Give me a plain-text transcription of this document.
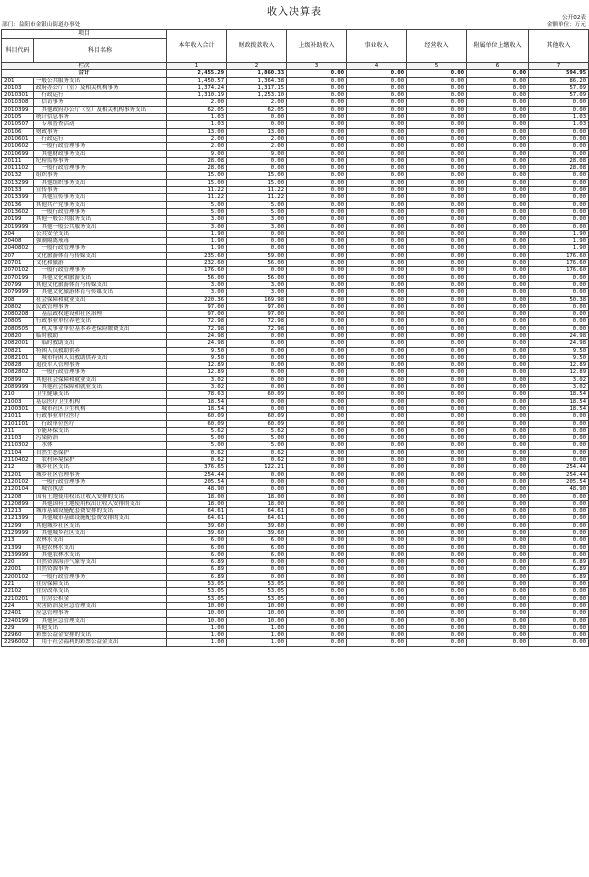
收入决算表	公开02表
部门：益阳市金银山街道办事处	金额单位：万元
项目		本年收入合计	财政拨款收入	上级补助收入	事业收入	经营收入	附属单位上缴收入	其他收入
科目代码	科目名称							
栏次		1	2	3	4	5	6	7
合计		2,455.29	1,860.33	0.00	0.00	0.00	0.00	594.95
201	一般公共服务支出	1,450.57	1,364.38	0.00	0.00	0.00	0.00	86.20
20103	政府办公厅（室）及相关机构事务	1,374.24	1,317.15	0.00	0.00	0.00	0.00	57.09
2010301	　行政运行	1,310.19	1,253.10	0.00	0.00	0.00	0.00	57.09
2010308	　信访事务	2.00	2.00	0.00	0.00	0.00	0.00	0.00
2010399	　其他政府办公厅（室）及相关机构事务支出	62.05	62.05	0.00	0.00	0.00	0.00	0.00
20105	统计信息事务	1.03	0.00	0.00	0.00	0.00	0.00	1.03
2010507	　专项普查活动	1.03	0.00	0.00	0.00	0.00	0.00	1.03
20106	财政事务	13.00	13.00	0.00	0.00	0.00	0.00	0.00
2010601	　行政运行	2.00	2.00	0.00	0.00	0.00	0.00	0.00
2010602	　一般行政管理事务	2.00	2.00	0.00	0.00	0.00	0.00	0.00
2010699	　其他财政事务支出	9.00	9.00	0.00	0.00	0.00	0.00	0.00
20111	纪检监察事务	28.08	0.00	0.00	0.00	0.00	0.00	28.08
2011102	　一般行政管理事务	28.08	0.00	0.00	0.00	0.00	0.00	28.08
20132	组织事务	15.00	15.00	0.00	0.00	0.00	0.00	0.00
2013299	　其他组织事务支出	15.00	15.00	0.00	0.00	0.00	0.00	0.00
20133	宣传事务	11.22	11.22	0.00	0.00	0.00	0.00	0.00
2013399	　其他宣传事务支出	11.22	11.22	0.00	0.00	0.00	0.00	0.00
20136	其他共产党事务支出	5.00	5.00	0.00	0.00	0.00	0.00	0.00
2013602	　一般行政管理事务	5.00	5.00	0.00	0.00	0.00	0.00	0.00
20199	其他一般公共服务支出	3.00	3.00	0.00	0.00	0.00	0.00	0.00
2019999	　其他一般公共服务支出	3.00	3.00	0.00	0.00	0.00	0.00	0.00
204	公共安全支出	1.90	0.00	0.00	0.00	0.00	0.00	1.90
20408	强制隔离戒毒	1.90	0.00	0.00	0.00	0.00	0.00	1.90
2040802	　一般行政管理事务	1.90	0.00	0.00	0.00	0.00	0.00	1.90
207	文化旅游体育与传媒支出	235.60	59.00	0.00	0.00	0.00	0.00	176.60
20701	文化和旅游	232.60	56.00	0.00	0.00	0.00	0.00	176.60
2070102	　一般行政管理事务	176.60	0.00	0.00	0.00	0.00	0.00	176.60
2070199	　其他文化和旅游支出	56.00	56.00	0.00	0.00	0.00	0.00	0.00
20799	其他文化旅游体育与传媒支出	3.00	3.00	0.00	0.00	0.00	0.00	0.00
2079999	　其他文化旅游体育与传媒支出	3.00	3.00	0.00	0.00	0.00	0.00	0.00
208	社会保障和就业支出	220.36	169.98	0.00	0.00	0.00	0.00	50.38
20802	民政管理事务	97.00	97.00	0.00	0.00	0.00	0.00	0.00
2080208	　基层政权建设和社区治理	97.00	97.00	0.00	0.00	0.00	0.00	0.00
20805	行政事业单位养老支出	72.98	72.98	0.00	0.00	0.00	0.00	0.00
2080505	　机关事业单位基本养老保险缴费支出	72.98	72.98	0.00	0.00	0.00	0.00	0.00
20820	临时救助	24.98	0.00	0.00	0.00	0.00	0.00	24.98
2082001	　临时救助支出	24.98	0.00	0.00	0.00	0.00	0.00	24.98
20821	特困人员救助供养	9.50	0.00	0.00	0.00	0.00	0.00	9.50
2082101	　城市特困人员救助供养支出	9.50	0.00	0.00	0.00	0.00	0.00	9.50
20828	退役军人管理事务	12.89	0.00	0.00	0.00	0.00	0.00	12.89
2082802	　一般行政管理事务	12.89	0.00	0.00	0.00	0.00	0.00	12.89
20899	其他社会保障和就业支出	3.02	0.00	0.00	0.00	0.00	0.00	3.02
2089999	　其他社会保障和就业支出	3.02	0.00	0.00	0.00	0.00	0.00	3.02
210	卫生健康支出	78.63	60.09	0.00	0.00	0.00	0.00	18.54
21003	基层医疗卫生机构	18.54	0.00	0.00	0.00	0.00	0.00	18.54
2100301	　城市社区卫生机构	18.54	0.00	0.00	0.00	0.00	0.00	18.54
21011	行政事业单位医疗	60.09	60.09	0.00	0.00	0.00	0.00	0.00
2101101	　行政单位医疗	60.09	60.09	0.00	0.00	0.00	0.00	0.00
211	节能环保支出	5.62	5.62	0.00	0.00	0.00	0.00	0.00
21103	污染防治	5.00	5.00	0.00	0.00	0.00	0.00	0.00
2110302	　水体	5.00	5.00	0.00	0.00	0.00	0.00	0.00
21104	自然生态保护	0.62	0.62	0.00	0.00	0.00	0.00	0.00
2110402	　农村环境保护	0.62	0.62	0.00	0.00	0.00	0.00	0.00
212	城乡社区支出	376.65	122.21	0.00	0.00	0.00	0.00	254.44
21201	城乡社区管理事务	254.44	0.00	0.00	0.00	0.00	0.00	254.44
2120102	　一般行政管理事务	205.54	0.00	0.00	0.00	0.00	0.00	205.54
2120104	　城管执法	48.90	0.00	0.00	0.00	0.00	0.00	48.90
21208	国有土地使用权出让收入安排的支出	18.00	18.00	0.00	0.00	0.00	0.00	0.00
2120899	　其他国有土地使用权出让收入安排的支出	18.00	18.00	0.00	0.00	0.00	0.00	0.00
21213	城市基础设施配套费安排的支出	64.61	64.61	0.00	0.00	0.00	0.00	0.00
2121399	　其他城市基础设施配套费安排的支出	64.61	64.61	0.00	0.00	0.00	0.00	0.00
21299	其他城乡社区支出	39.60	39.60	0.00	0.00	0.00	0.00	0.00
2129999	　其他城乡社区支出	39.60	39.60	0.00	0.00	0.00	0.00	0.00
213	农林水支出	6.00	6.00	0.00	0.00	0.00	0.00	0.00
21399	其他农林水支出	6.00	6.00	0.00	0.00	0.00	0.00	0.00
2139999	　其他农林水支出	6.00	6.00	0.00	0.00	0.00	0.00	0.00
220	自然资源海洋气象等支出	6.89	0.00	0.00	0.00	0.00	0.00	6.89
22001	自然资源事务	6.89	0.00	0.00	0.00	0.00	0.00	6.89
2200102	　一般行政管理事务	6.89	0.00	0.00	0.00	0.00	0.00	6.89
221	住房保障支出	53.05	53.05	0.00	0.00	0.00	0.00	0.00
22102	住房改革支出	53.05	53.05	0.00	0.00	0.00	0.00	0.00
2210201	　住房公积金	53.05	53.05	0.00	0.00	0.00	0.00	0.00
224	灾害防治及应急管理支出	10.00	10.00	0.00	0.00	0.00	0.00	0.00
22401	应急管理事务	10.00	10.00	0.00	0.00	0.00	0.00	0.00
2240199	　其他应急管理支出	10.00	10.00	0.00	0.00	0.00	0.00	0.00
229	其他支出	1.00	1.00	0.00	0.00	0.00	0.00	0.00
22960	彩票公益金安排的支出	1.00	1.00	0.00	0.00	0.00	0.00	0.00
2296002	　用于社会福利的彩票公益金支出	1.00	1.00	0.00	0.00	0.00	0.00	0.00
